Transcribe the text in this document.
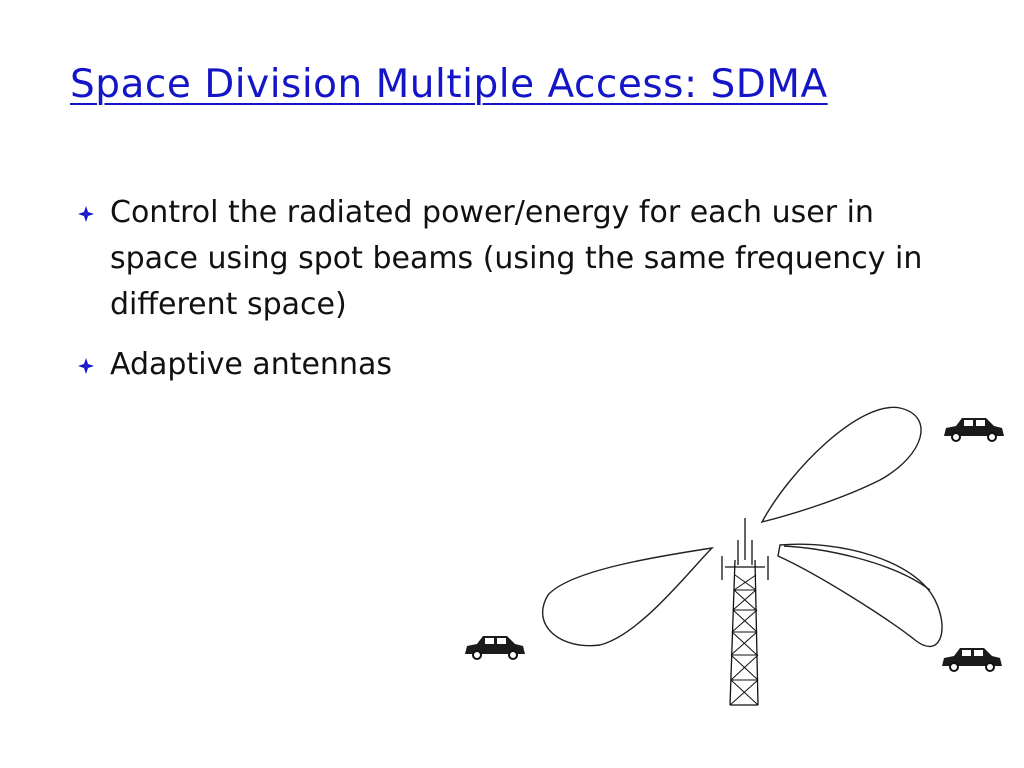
Space Division Multiple Access: SDMA
Control the radiated power/energy for each user in space using spot beams (using the same frequency in different space)
Adaptive antennas
